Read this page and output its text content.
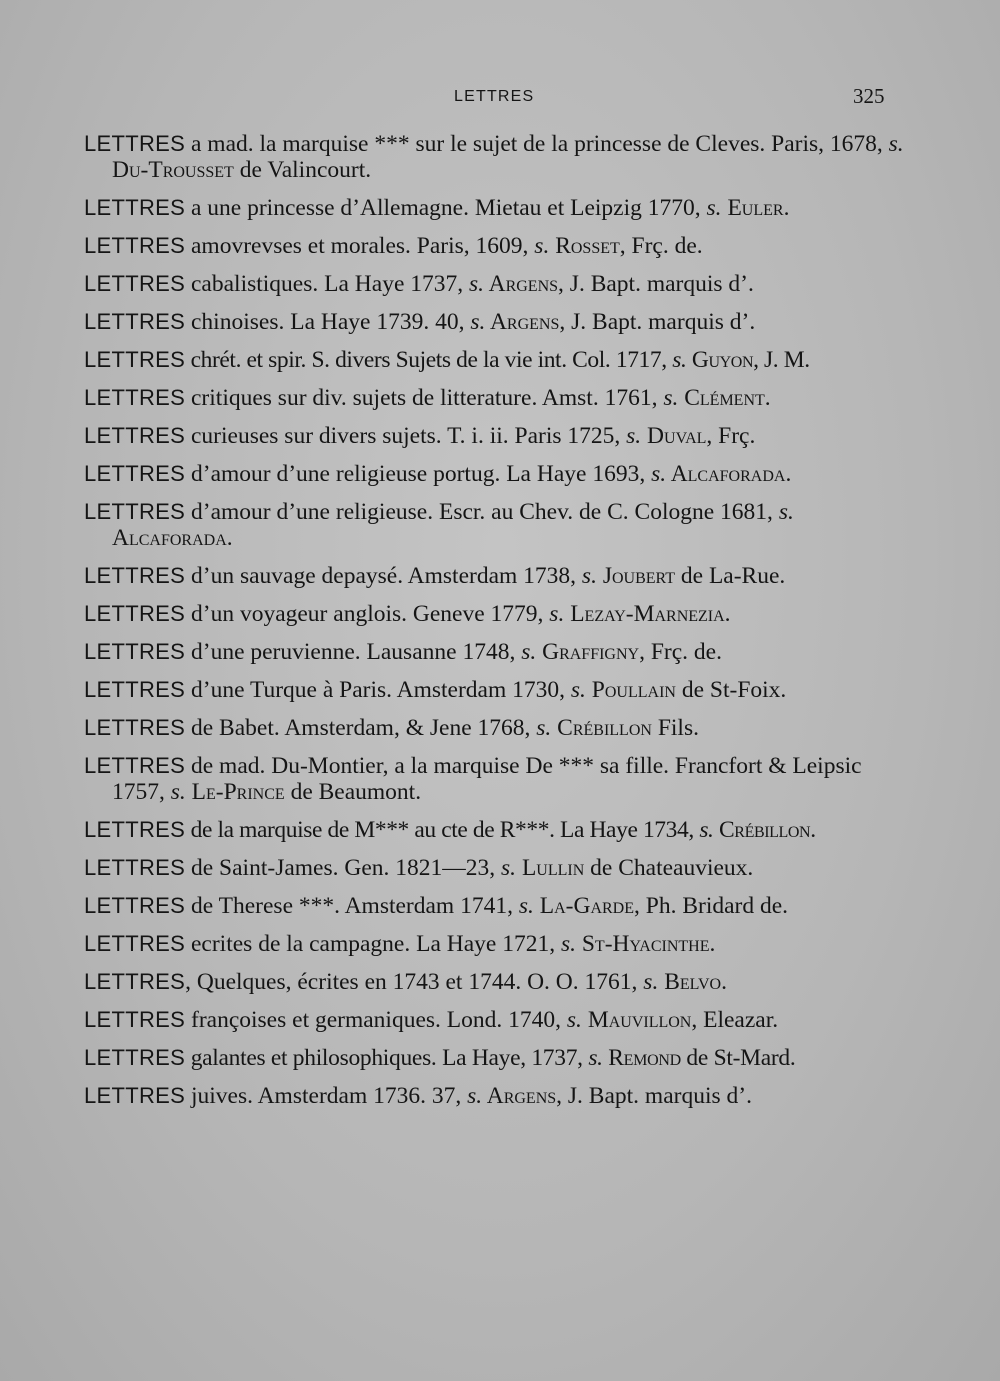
LETTRES	325

LETTRES a mad. la marquise *** sur le sujet de la princesse de Cleves. Paris, 1678, s. Du-Trousset de Valincourt.

LETTRES a une princesse d’Allemagne. Mietau et Leipzig 1770, s. Euler.

LETTRES amovrevses et morales. Paris, 1609, s. Rosset, Frç. de.

LETTRES cabalistiques. La Haye 1737, s. Argens, J. Bapt. marquis d’.

LETTRES chinoises. La Haye 1739. 40, s. Argens, J. Bapt. marquis d’.

LETTRES chrét. et spir. S. divers Sujets de la vie int. Col. 1717, s. Guyon, J. M.

LETTRES critiques sur div. sujets de litterature. Amst. 1761, s. Clément.

LETTRES curieuses sur divers sujets. T. i. ii. Paris 1725, s. Duval, Frç.

LETTRES d’amour d’une religieuse portug. La Haye 1693, s. Alcaforada.

LETTRES d’amour d’une religieuse. Escr. au Chev. de C. Cologne 1681, s. Alcaforada.

LETTRES d’un sauvage depaysé. Amsterdam 1738, s. Joubert de La-Rue.

LETTRES d’un voyageur anglois. Geneve 1779, s. Lezay-Marnezia.

LETTRES d’une peruvienne. Lausanne 1748, s. Graffigny, Frç. de.

LETTRES d’une Turque à Paris. Amsterdam 1730, s. Poullain de St-Foix.

LETTRES de Babet. Amsterdam, & Jene 1768, s. Crébillon Fils.

LETTRES de mad. Du-Montier, a la marquise De *** sa fille. Francfort & Leipsic 1757, s. Le-Prince de Beaumont.

LETTRES de la marquise de M*** au cte de R***. La Haye 1734, s. Crébillon.

LETTRES de Saint-James. Gen. 1821—23, s. Lullin de Chateauvieux.

LETTRES de Therese ***. Amsterdam 1741, s. La-Garde, Ph. Bridard de.

LETTRES ecrites de la campagne. La Haye 1721, s. St-Hyacinthe.

LETTRES, Quelques, écrites en 1743 et 1744. O. O. 1761, s. Belvo.

LETTRES françoises et germaniques. Lond. 1740, s. Mauvillon, Eleazar.

LETTRES galantes et philosophiques. La Haye, 1737, s. Remond de St-Mard.

LETTRES juives. Amsterdam 1736. 37, s. Argens, J. Bapt. marquis d’.
